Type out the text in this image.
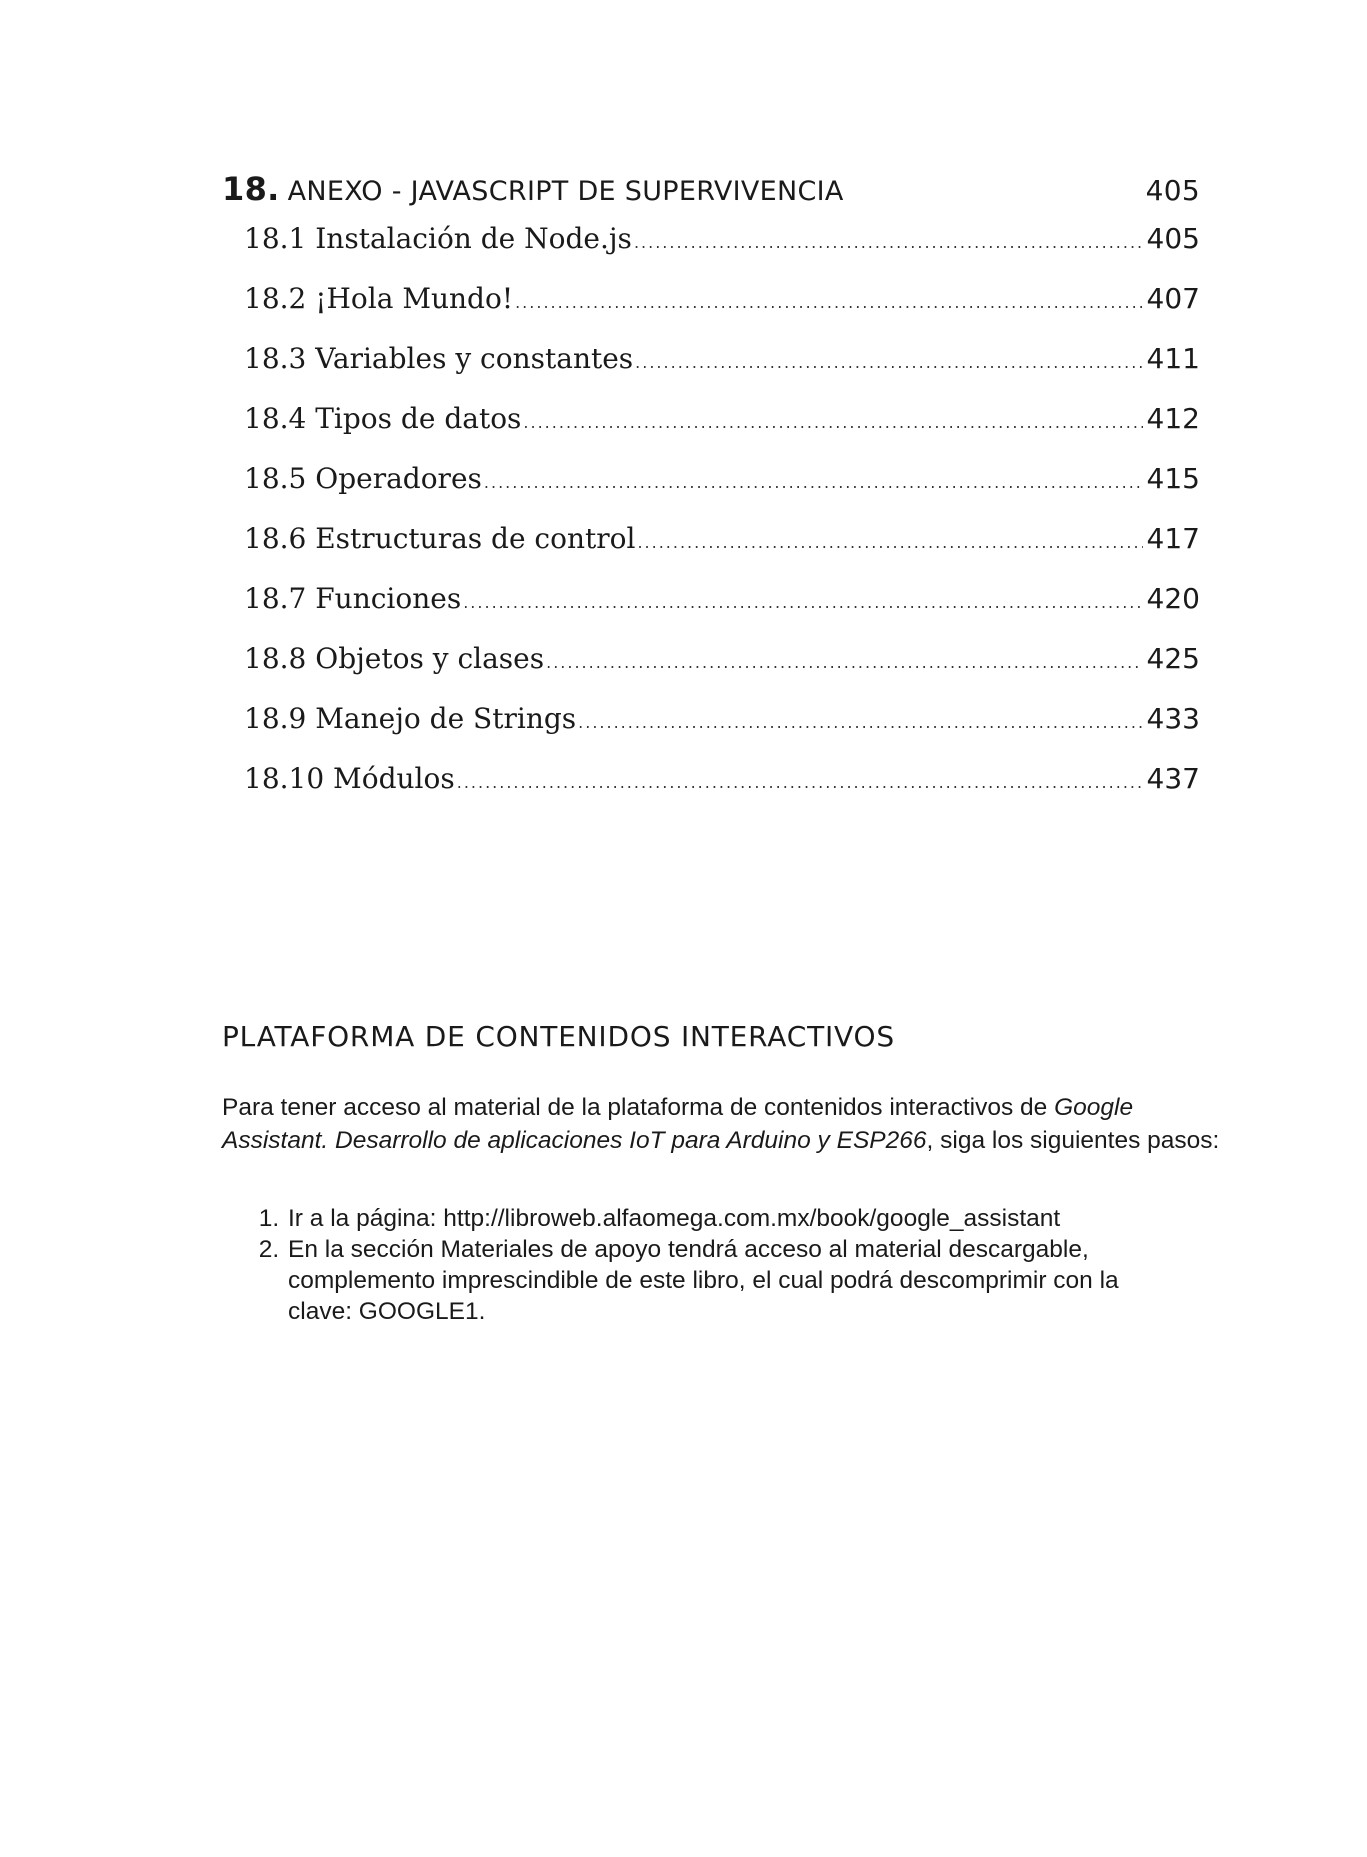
18. ANEXO - JAVASCRIPT DE SUPERVIVENCIA	405
18.1 Instalación de Node.js .....	405
18.2 ¡Hola Mundo! .....	407
18.3 Variables y constantes .....	411
18.4 Tipos de datos .....	412
18.5 Operadores .....	415
18.6 Estructuras de control .....	417
18.7 Funciones .....	420
18.8 Objetos y clases .....	425
18.9 Manejo de Strings .....	433
18.10 Módulos .....	437
PLATAFORMA DE CONTENIDOS INTERACTIVOS

Para tener acceso al material de la plataforma de contenidos interactivos de Google Assistant. Desarrollo de aplicaciones IoT para Arduino y ESP266, siga los siguientes pasos:

1. Ir a la página: http://libroweb.alfaomega.com.mx/book/google_assistant
2. En la sección Materiales de apoyo tendrá acceso al material descargable, complemento imprescindible de este libro, el cual podrá descomprimir con la clave: GOOGLE1.
